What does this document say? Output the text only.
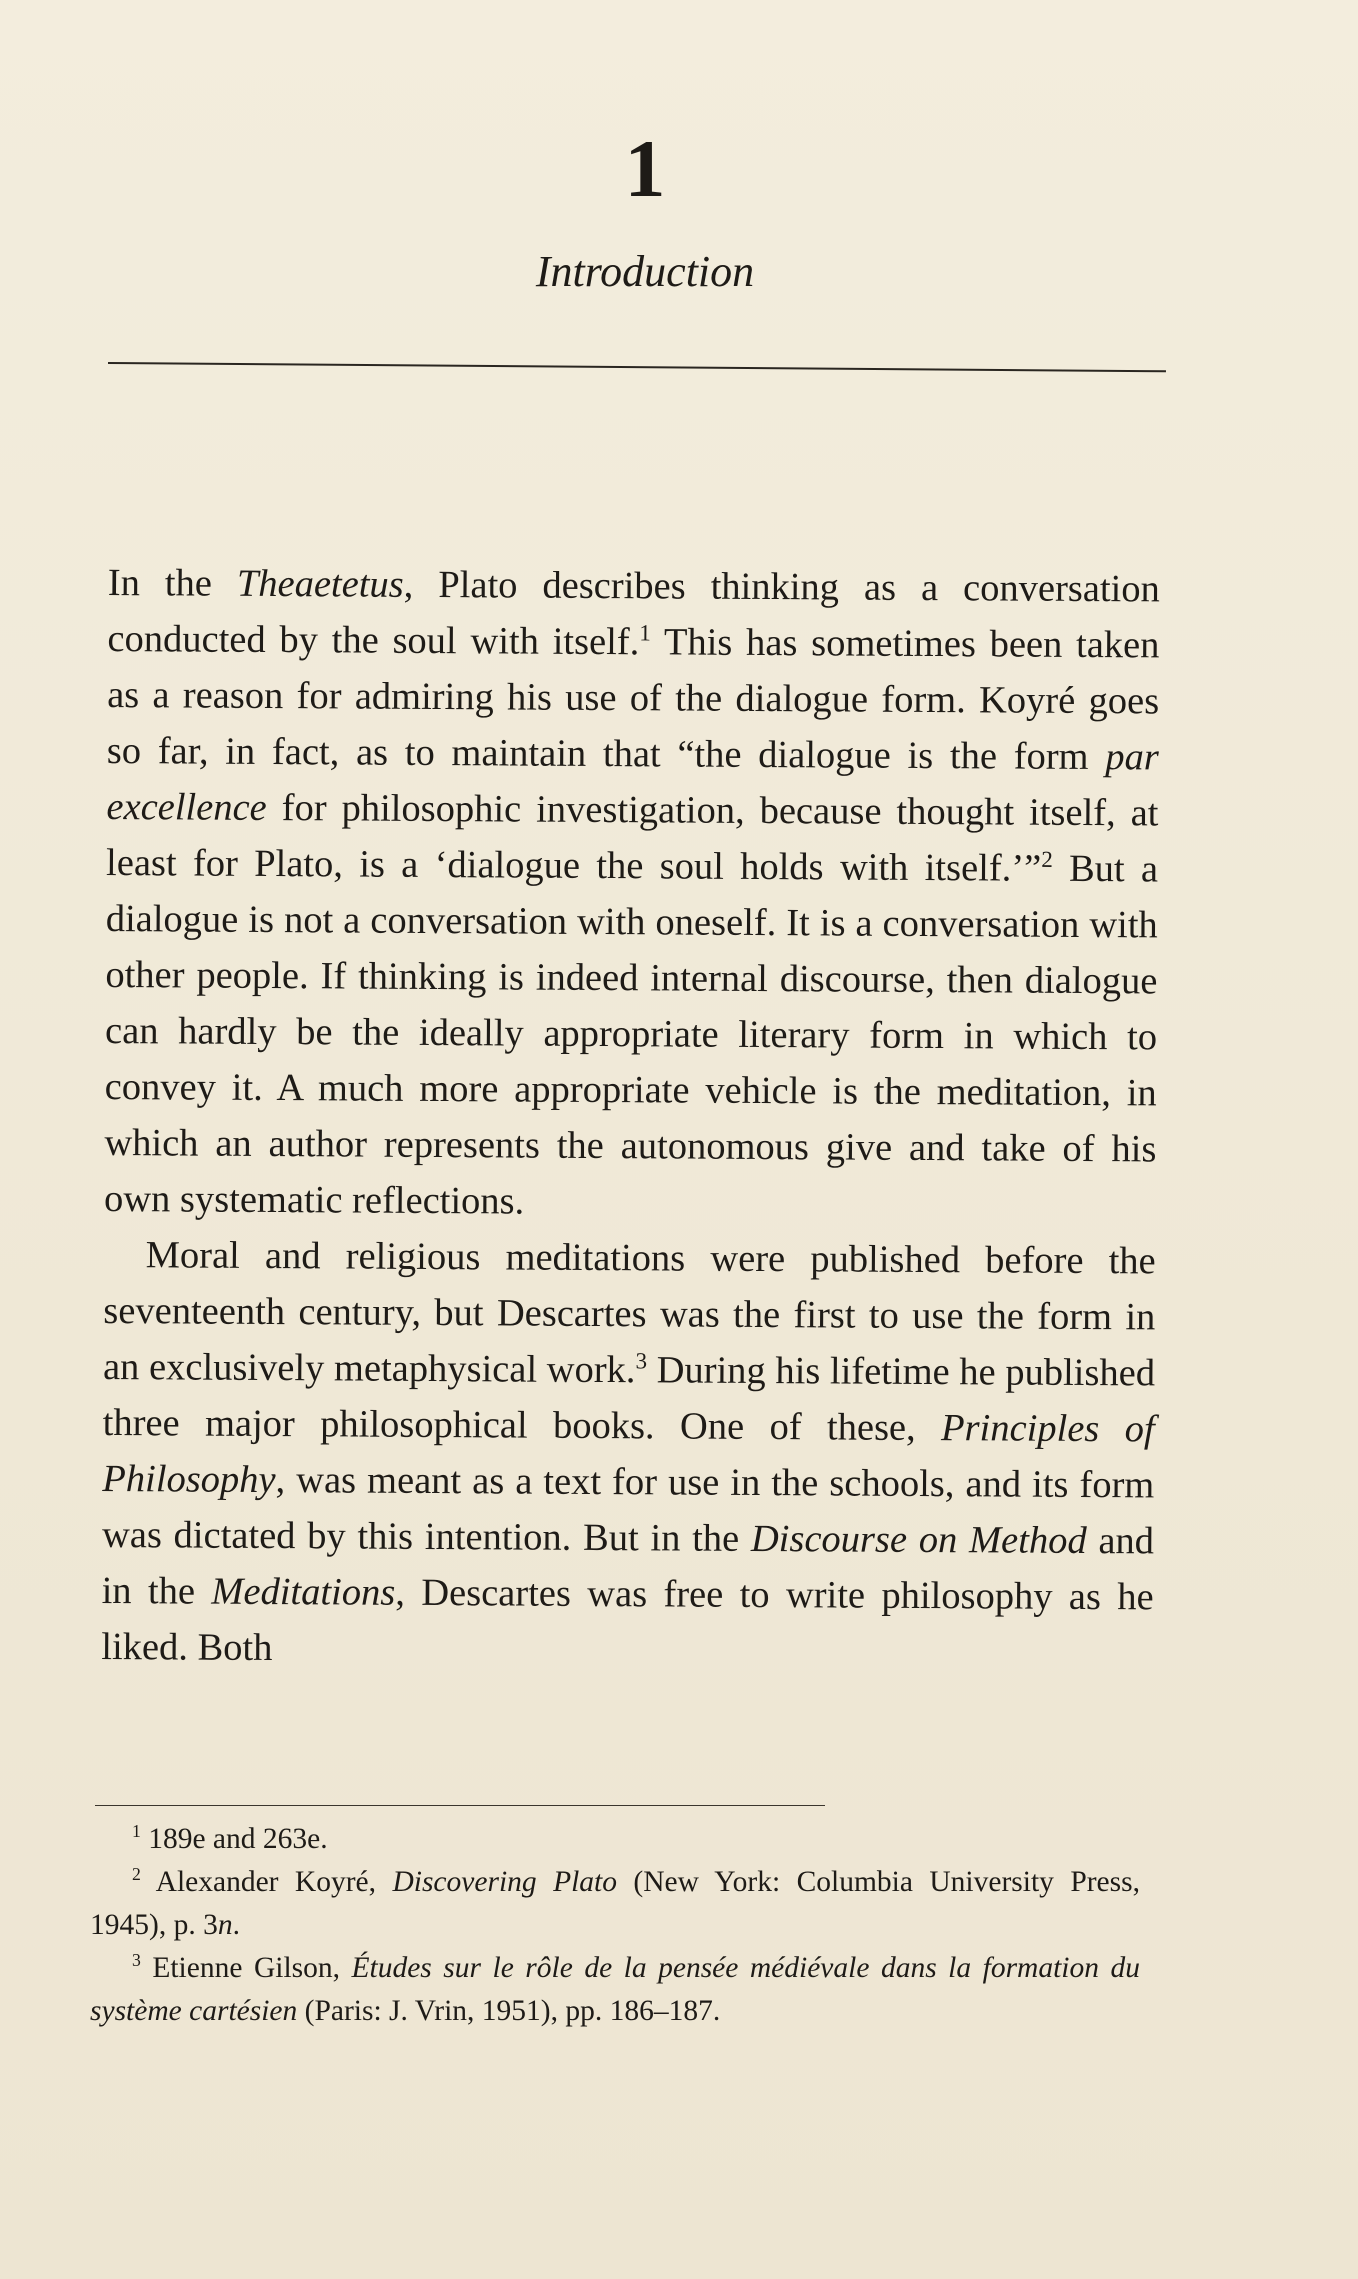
1
Introduction

In the Theaetetus, Plato describes thinking as a conversation conducted by the soul with itself.$^1$ This has sometimes been taken as a reason for admiring his use of the dialogue form. Koyré goes so far, in fact, as to maintain that “the dialogue is the form par excellence for philosophic investigation, because thought itself, at least for Plato, is a ‘dialogue the soul holds with itself.’”$^2$ But a dialogue is not a conversation with oneself. It is a conversation with other people. If thinking is indeed internal discourse, then dialogue can hardly be the ideally appropriate literary form in which to convey it. A much more appropriate vehicle is the meditation, in which an author represents the autonomous give and take of his own systematic reflections.

Moral and religious meditations were published before the seventeenth century, but Descartes was the first to use the form in an exclusively metaphysical work.$^3$ During his lifetime he published three major philosophical books. One of these, Principles of Philosophy, was meant as a text for use in the schools, and its form was dictated by this intention. But in the Discourse on Method and in the Meditations, Descartes was free to write philosophy as he liked. Both

$^1$ 189e and 263e.

$^2$ Alexander Koyré, Discovering Plato (New York: Columbia University Press, 1945), p. 3n.

$^3$ Etienne Gilson, Études sur le rôle de la pensée médiévale dans la formation du système cartésien (Paris: J. Vrin, 1951), pp. 186–187.
